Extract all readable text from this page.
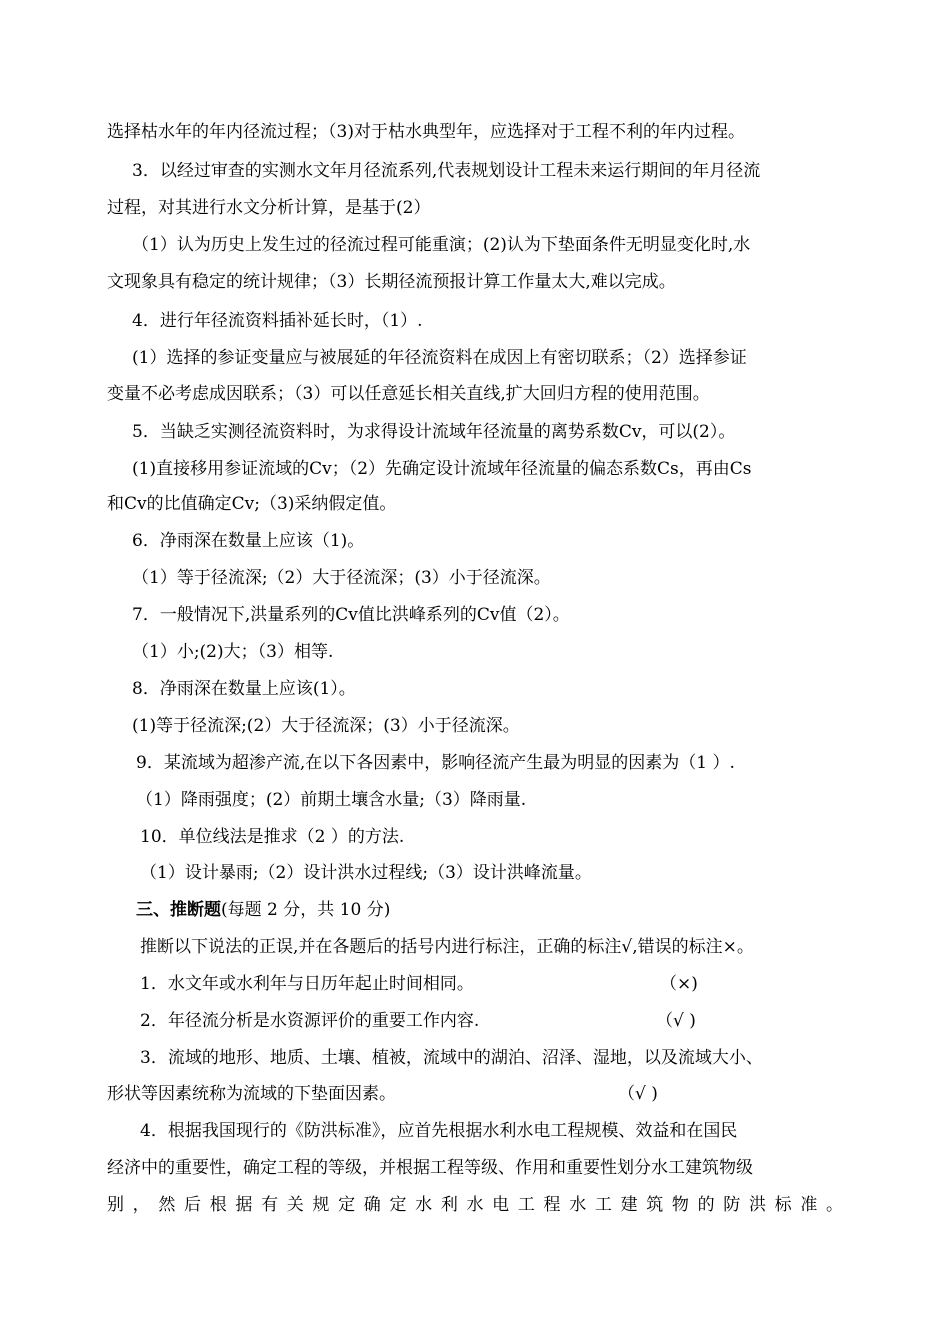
选择枯水年的年内径流过程；（3)对于枯水典型年，应选择对于工程不利的年内过程。
3．以经过审查的实测水文年月径流系列,代表规划设计工程未来运行期间的年月径流
过程，对其进行水文分析计算，是基于(2）
（1）认为历史上发生过的径流过程可能重演；(2)认为下垫面条件无明显变化时,水
文现象具有稳定的统计规律；（3）长期径流预报计算工作量太大,难以完成。
4．进行年径流资料插补延长时，（1）.
(1）选择的参证变量应与被展延的年径流资料在成因上有密切联系；（2）选择参证
变量不必考虑成因联系；（3）可以任意延长相关直线,扩大回归方程的使用范围。
5．当缺乏实测径流资料时，为求得设计流域年径流量的离势系数Cv，可以(2）。
(1)直接移用参证流域的Cv；（2）先确定设计流域年径流量的偏态系数Cs，再由Cs
和Cv的比值确定Cv;（3)采纳假定值。
6．净雨深在数量上应该（1)。
（1）等于径流深;（2）大于径流深；(3）小于径流深。
7．一般情况下,洪量系列的Cv值比洪峰系列的Cv值（2）。
（1）小;(2)大；（3）相等.
8．净雨深在数量上应该(1）。
(1)等于径流深;(2）大于径流深；(3）小于径流深。
9．某流域为超渗产流,在以下各因素中，影响径流产生最为明显的因素为（1 ）.
（1）降雨强度；(2）前期土壤含水量;（3）降雨量.
10．单位线法是推求（2 ）的方法.
（1）设计暴雨;（2）设计洪水过程线;（3）设计洪峰流量。
三、推断题(每题 2 分，共 10 分)
推断以下说法的正误,并在各题后的括号内进行标注，正确的标注√,错误的标注×。
1．水文年或水利年与日历年起止时间相同。	（×)
2．年径流分析是水资源评价的重要工作内容.	（√ )
3．流域的地形、地质、土壤、植被，流域中的湖泊、沼泽、湿地，以及流域大小、
形状等因素统称为流域的下垫面因素。	（√ )
4．根据我国现行的《防洪标准》，应首先根据水利水电工程规模、效益和在国民
经济中的重要性，确定工程的等级，并根据工程等级、作用和重要性划分水工建筑物级
别，然后根据有关规定确定水利水电工程水工建筑物的防洪标准。
